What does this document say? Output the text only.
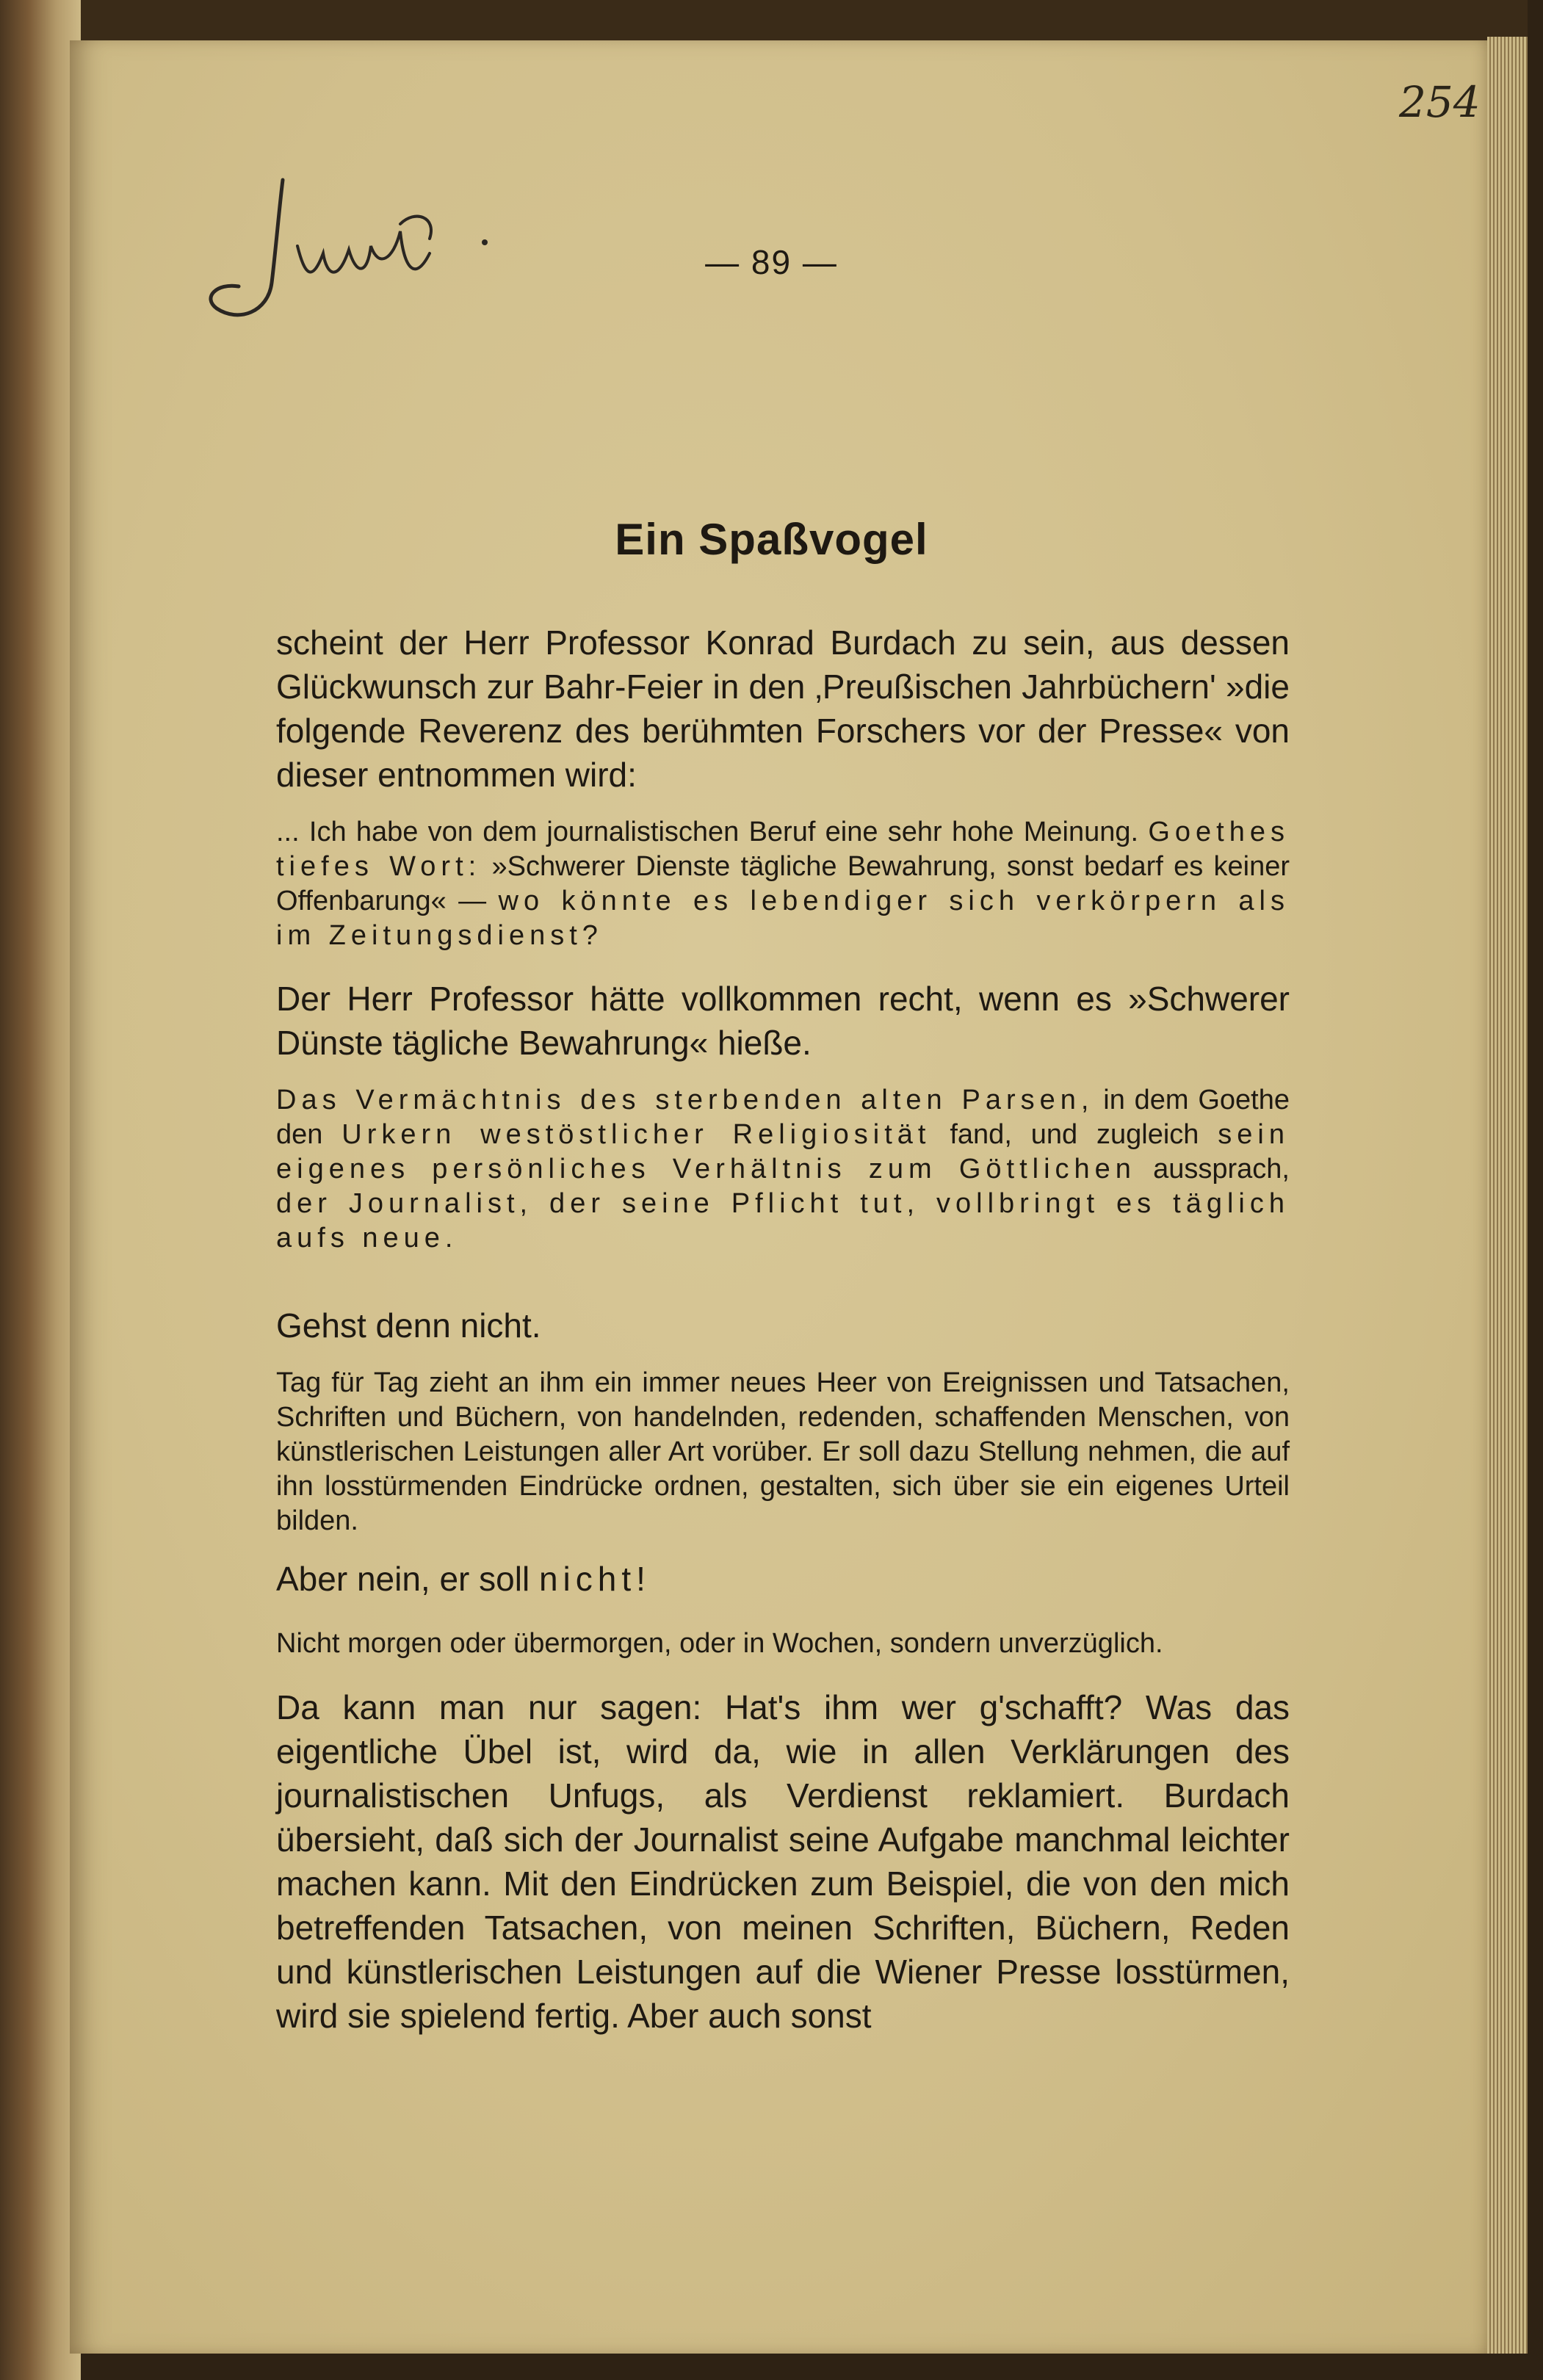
254
— 89 —
Ein Spaßvogel

scheint der Herr Professor Konrad Burdach zu sein, aus dessen Glückwunsch zur Bahr-Feier in den ‚Preußischen Jahrbüchern' »die folgende Reverenz des berühmten Forschers vor der Presse« von dieser entnommen wird:

... Ich habe von dem journalistischen Beruf eine sehr hohe Meinung. Goethes tiefes Wort: »Schwerer Dienste tägliche Bewahrung, sonst bedarf es keiner Offenbarung« — wo könnte es lebendiger sich verkörpern als im Zeitungsdienst?

Der Herr Professor hätte vollkommen recht, wenn es »Schwerer Dünste tägliche Bewahrung« hieße.

Das Vermächtnis des sterbenden alten Parsen, in dem Goethe den Urkern westöstlicher Religiosität fand, und zugleich sein eigenes persönliches Verhältnis zum Göttlichen aussprach, der Journalist, der seine Pflicht tut, vollbringt es täglich aufs neue.

Gehst denn nicht.

Tag für Tag zieht an ihm ein immer neues Heer von Ereignissen und Tatsachen, Schriften und Büchern, von handelnden, redenden, schaffenden Menschen, von künstlerischen Leistungen aller Art vorüber. Er soll dazu Stellung nehmen, die auf ihn losstürmenden Eindrücke ordnen, gestalten, sich über sie ein eigenes Urteil bilden.

Aber nein, er soll nicht!

Nicht morgen oder übermorgen, oder in Wochen, sondern unverzüglich.

Da kann man nur sagen: Hat's ihm wer g'schafft? Was das eigentliche Übel ist, wird da, wie in allen Verklärungen des journalistischen Unfugs, als Verdienst reklamiert. Burdach übersieht, daß sich der Journalist seine Aufgabe manchmal leichter machen kann. Mit den Eindrücken zum Beispiel, die von den mich betreffenden Tatsachen, von meinen Schriften, Büchern, Reden und künstlerischen Leistungen auf die Wiener Presse losstürmen, wird sie spielend fertig. Aber auch sonst
